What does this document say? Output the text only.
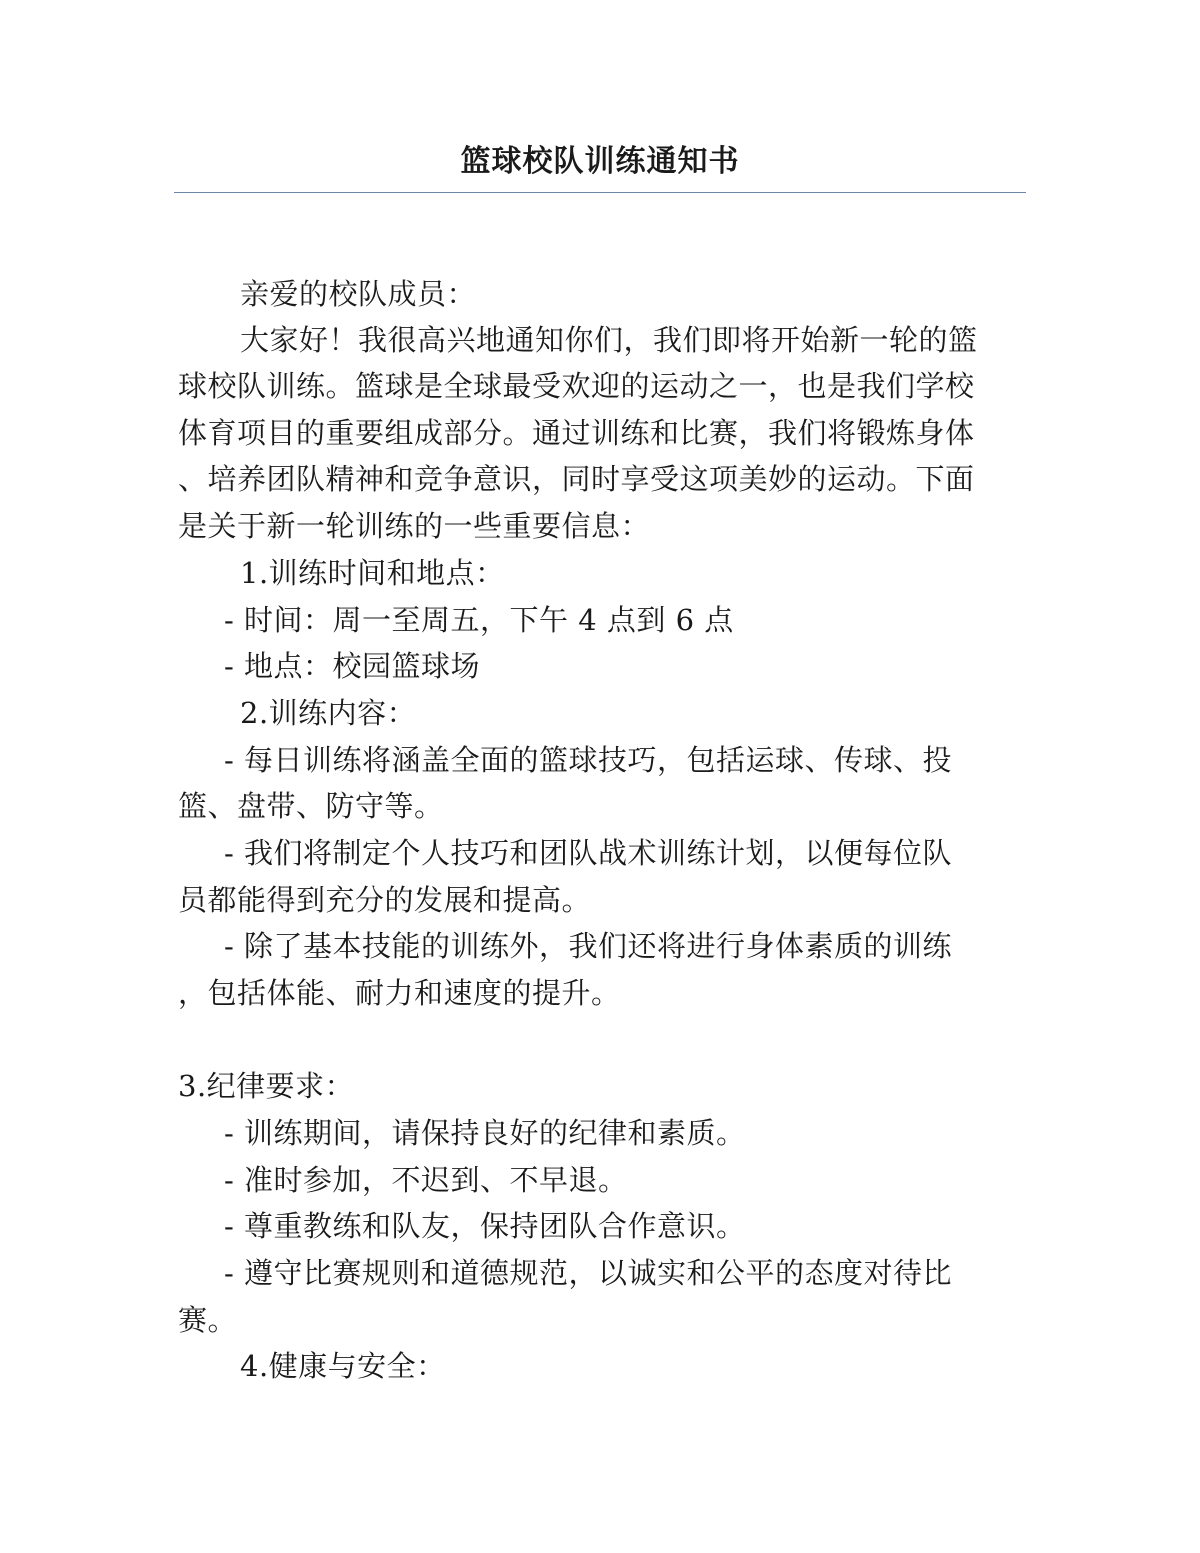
篮球校队训练通知书
亲爱的校队成员：
大家好！我很高兴地通知你们，我们即将开始新一轮的篮
球校队训练。篮球是全球最受欢迎的运动之一，也是我们学校
体育项目的重要组成部分。通过训练和比赛，我们将锻炼身体
、培养团队精神和竞争意识，同时享受这项美妙的运动。下面
是关于新一轮训练的一些重要信息：
1.训练时间和地点：
- 时间：周一至周五，下午 4 点到 6 点
- 地点：校园篮球场
2.训练内容：
- 每日训练将涵盖全面的篮球技巧，包括运球、传球、投
篮、盘带、防守等。
- 我们将制定个人技巧和团队战术训练计划，以便每位队
员都能得到充分的发展和提高。
- 除了基本技能的训练外，我们还将进行身体素质的训练
，包括体能、耐力和速度的提升。
3.纪律要求：
- 训练期间，请保持良好的纪律和素质。
- 准时参加，不迟到、不早退。
- 尊重教练和队友，保持团队合作意识。
- 遵守比赛规则和道德规范，以诚实和公平的态度对待比
赛。
4.健康与安全：
